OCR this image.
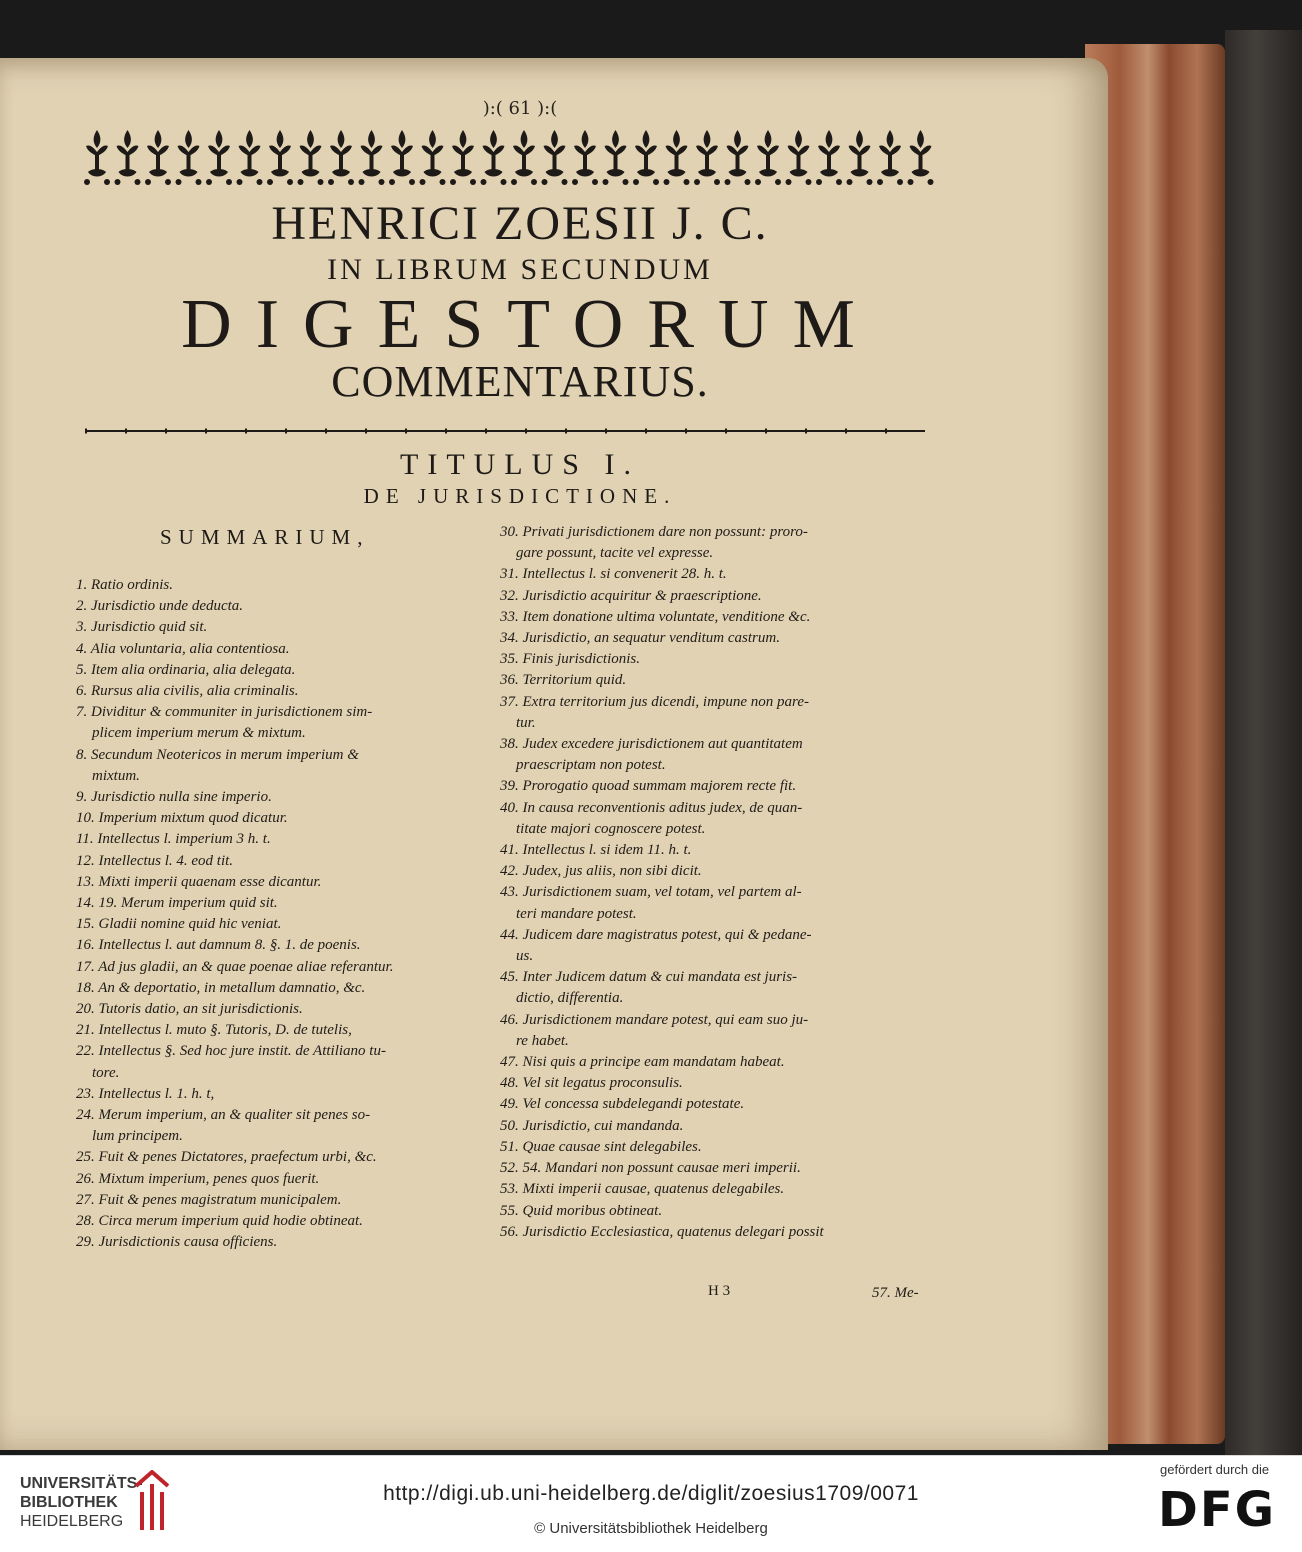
):( 61 ):(
HENRICI ZOESII J. C.
IN LIBRUM SECUNDUM
DIGESTORUM
COMMENTARIUS.
TITULUS I.
DE JURISDICTIONE.
SUMMARIUM,
1. Ratio ordinis.
2. Jurisdictio unde deducta.
3. Jurisdictio quid sit.
4. Alia voluntaria, alia contentiosa.
5. Item alia ordinaria, alia delegata.
6. Rursus alia civilis, alia criminalis.
7. Dividitur & communiter in jurisdictionem sim-
plicem imperium merum & mixtum.
8. Secundum Neotericos in merum imperium &
mixtum.
9. Jurisdictio nulla sine imperio.
10. Imperium mixtum quod dicatur.
11. Intellectus l. imperium 3 h. t.
12. Intellectus l. 4. eod tit.
13. Mixti imperii quaenam esse dicantur.
14. 19. Merum imperium quid sit.
15. Gladii nomine quid hic veniat.
16. Intellectus l. aut damnum 8. §. 1. de poenis.
17. Ad jus gladii, an & quae poenae aliae referantur.
18. An & deportatio, in metallum damnatio, &c.
20. Tutoris datio, an sit jurisdictionis.
21. Intellectus l. muto §. Tutoris, D. de tutelis,
22. Intellectus §. Sed hoc jure instit. de Attiliano tu-
tore.
23. Intellectus l. 1. h. t,
24. Merum imperium, an & qualiter sit penes so-
lum principem.
25. Fuit & penes Dictatores, praefectum urbi, &c.
26. Mixtum imperium, penes quos fuerit.
27. Fuit & penes magistratum municipalem.
28. Circa merum imperium quid hodie obtineat.
29. Jurisdictionis causa officiens.
30. Privati jurisdictionem dare non possunt: proro-
gare possunt, tacite vel expresse.
31. Intellectus l. si convenerit 28. h. t.
32. Jurisdictio acquiritur & praescriptione.
33. Item donatione ultima voluntate, venditione &c.
34. Jurisdictio, an sequatur venditum castrum.
35. Finis jurisdictionis.
36. Territorium quid.
37. Extra territorium jus dicendi, impune non pare-
tur.
38. Judex excedere jurisdictionem aut quantitatem
praescriptam non potest.
39. Prorogatio quoad summam majorem recte fit.
40. In causa reconventionis aditus judex, de quan-
titate majori cognoscere potest.
41. Intellectus l. si idem 11. h. t.
42. Judex, jus aliis, non sibi dicit.
43. Jurisdictionem suam, vel totam, vel partem al-
teri mandare potest.
44. Judicem dare magistratus potest, qui & pedane-
us.
45. Inter Judicem datum & cui mandata est juris-
dictio, differentia.
46. Jurisdictionem mandare potest, qui eam suo ju-
re habet.
47. Nisi quis a principe eam mandatam habeat.
48. Vel sit legatus proconsulis.
49. Vel concessa subdelegandi potestate.
50. Jurisdictio, cui mandanda.
51. Quae causae sint delegabiles.
52. 54. Mandari non possunt causae meri imperii.
53. Mixti imperii causae, quatenus delegabiles.
55. Quid moribus obtineat.
56. Jurisdictio Ecclesiastica, quatenus delegari possit
H 3	57. Me-
UNIVERSITÄTS-
BIBLIOTHEK
HEIDELBERG
http://digi.ub.uni-heidelberg.de/diglit/zoesius1709/0071
© Universitätsbibliothek Heidelberg
gefördert durch die
DFG
